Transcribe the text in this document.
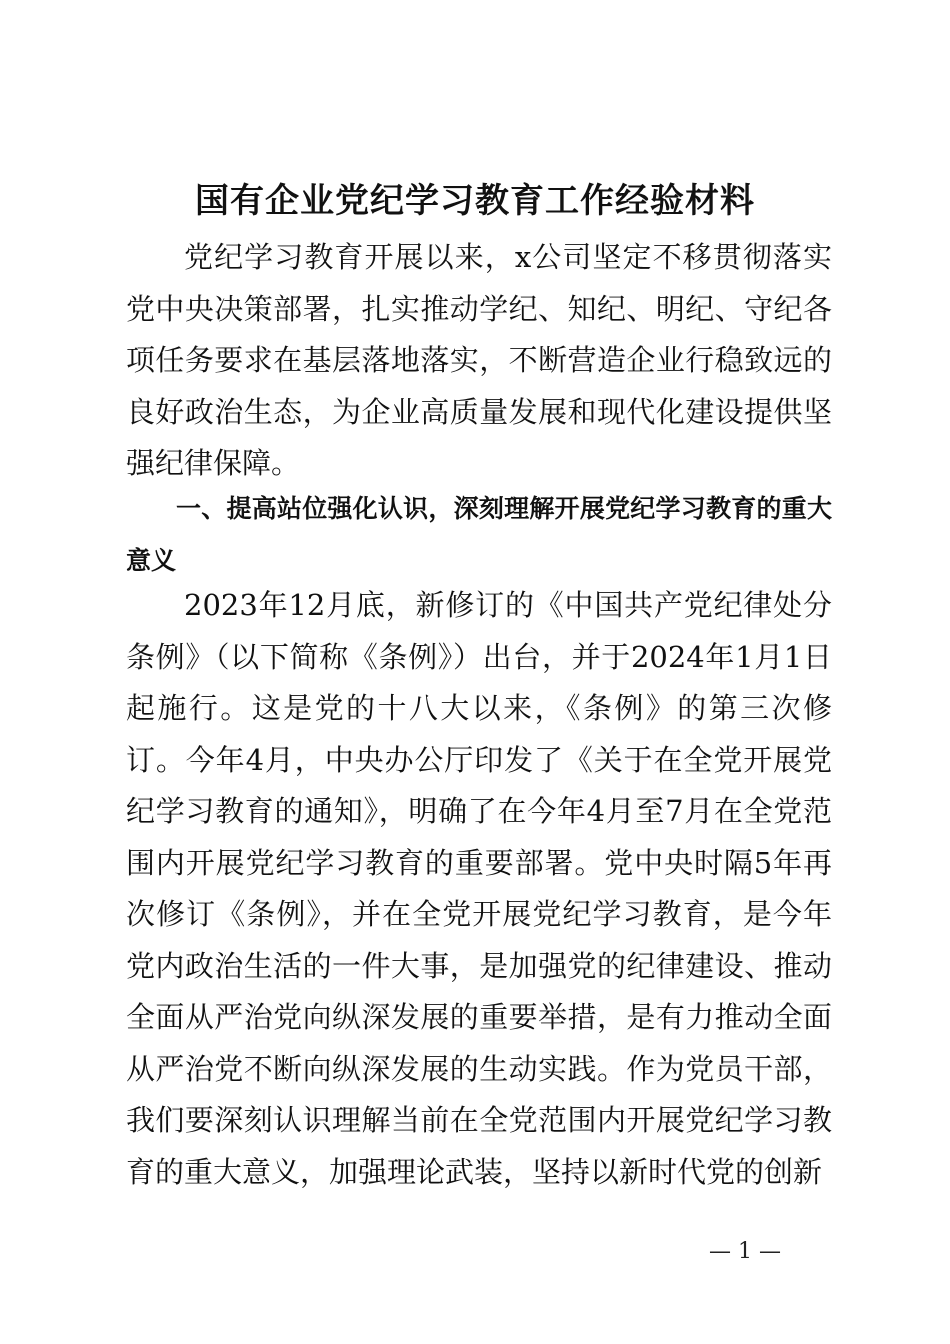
国有企业党纪学习教育工作经验材料

党纪学习教育开展以来，x公司坚定不移贯彻落实党中央决策部署，扎实推动学纪、知纪、明纪、守纪各项任务要求在基层落地落实，不断营造企业行稳致远的良好政治生态，为企业高质量发展和现代化建设提供坚强纪律保障。

一、提高站位强化认识，深刻理解开展党纪学习教育的重大意义

2023年12月底，新修订的《中国共产党纪律处分条例》（以下简称《条例》）出台，并于2024年1月1日起施行。这是党的十八大以来，《条例》的第三次修订。今年4月，中央办公厅印发了《关于在全党开展党纪学习教育的通知》，明确了在今年4月至7月在全党范围内开展党纪学习教育的重要部署。党中央时隔5年再次修订《条例》，并在全党开展党纪学习教育，是今年党内政治生活的一件大事，是加强党的纪律建设、推动全面从严治党向纵深发展的重要举措，是有力推动全面从严治党不断向纵深发展的生动实践。作为党员干部，我们要深刻认识理解当前在全党范围内开展党纪学习教育的重大意义，加强理论武装，坚持以新时代党的创新

— 1 —
